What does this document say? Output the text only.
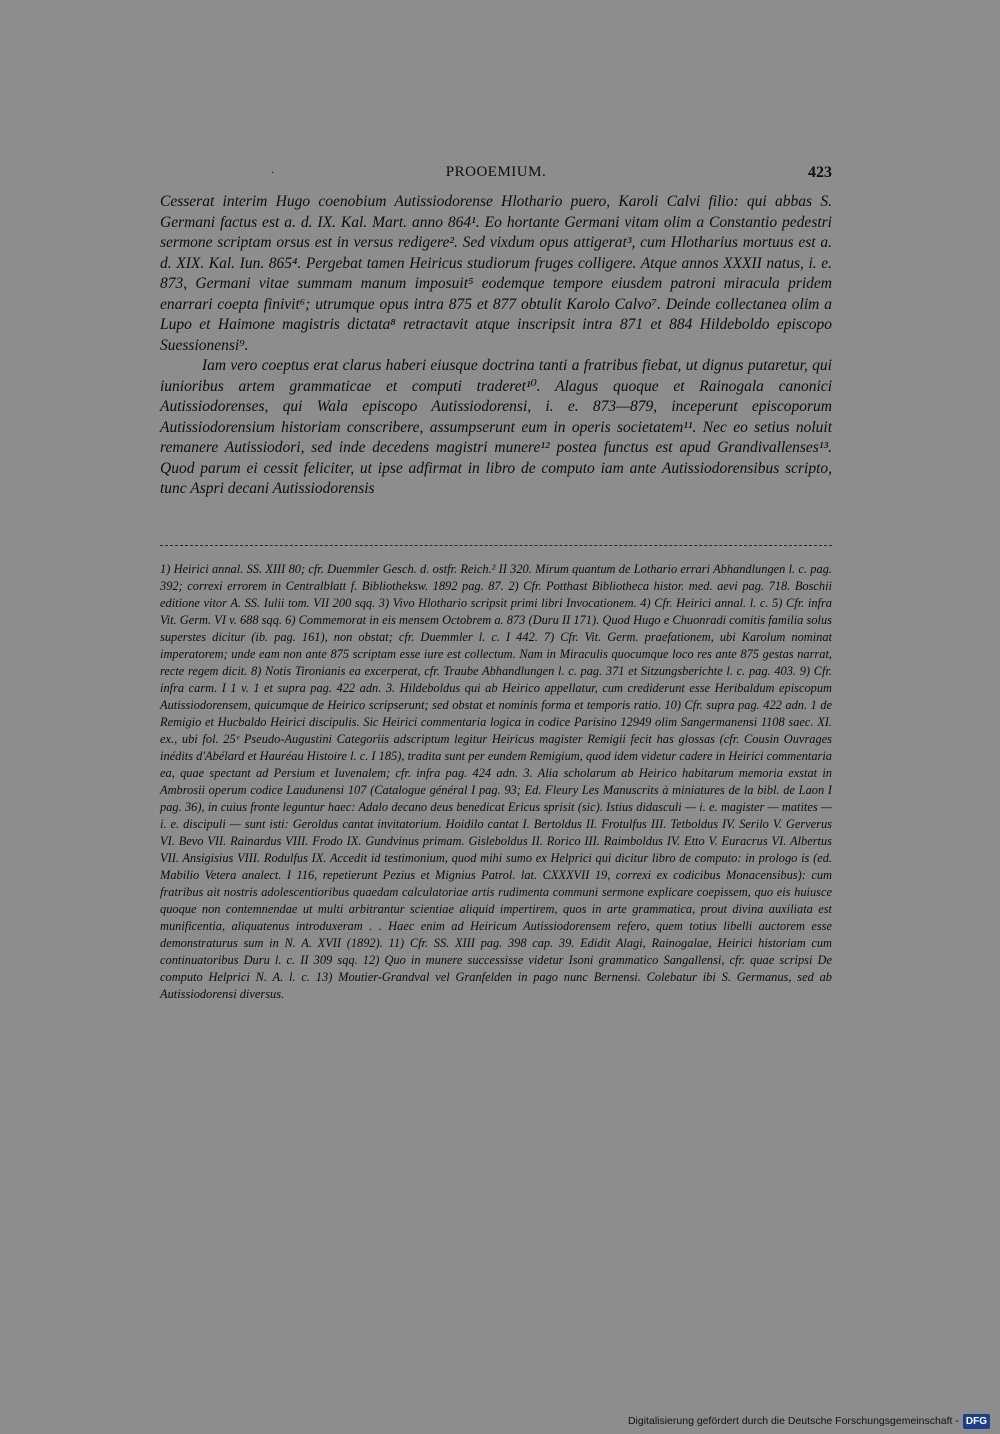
·	PROOEMIUM.	423

Cesserat interim Hugo coenobium Autissiodorense Hlothario puero, Karoli Calvi filio: qui abbas S. Germani factus est a. d. IX. Kal. Mart. anno 864¹. Eo hortante Germani vitam olim a Constantio pedestri sermone scriptam orsus est in versus redigere². Sed vixdum opus attigerat³, cum Hlotharius mortuus est a. d. XIX. Kal. Iun. 865⁴. Pergebat tamen Heiricus studiorum fruges colligere. Atque annos XXXII natus, i. e. 873, Germani vitae summam manum imposuit⁵ eodemque tempore eiusdem patroni miracula pridem enarrari coepta finivit⁶; utrumque opus intra 875 et 877 obtulit Karolo Calvo⁷. Deinde collectanea olim a Lupo et Haimone magistris dictata⁸ retractavit atque inscripsit intra 871 et 884 Hildeboldo episcopo Suessionensi⁹.

Iam vero coeptus erat clarus haberi eiusque doctrina tanti a fratribus fiebat, ut dignus putaretur, qui iunioribus artem grammaticae et computi traderet¹⁰. Alagus quoque et Rainogala canonici Autissiodorenses, qui Wala episcopo Autissiodorensi, i. e. 873—879, inceperunt episcoporum Autissiodorensium historiam conscribere, assumpserunt eum in operis societatem¹¹. Nec eo setius noluit remanere Autissiodori, sed inde decedens magistri munere¹² postea functus est apud Grandivallenses¹³. Quod parum ei cessit feliciter, ut ipse adfirmat in libro de computo iam ante Autissiodorensibus scripto, tunc Aspri decani Autissiodorensis

1) Heirici annal. SS. XIII 80; cfr. Duemmler Gesch. d. ostfr. Reich.² II 320. Mirum quantum de Lothario errari Abhandlungen l. c. pag. 392; correxi errorem in Centralblatt f. Bibliotheksw. 1892 pag. 87. 2) Cfr. Potthast Bibliotheca histor. med. aevi pag. 718. Boschii editione vitor A. SS. Iulii tom. VII 200 sqq. 3) Vivo Hlothario scripsit primi libri Invocationem. 4) Cfr. Heirici annal. l. c. 5) Cfr. infra Vit. Germ. VI v. 688 sqq. 6) Commemorat in eis mensem Octobrem a. 873 (Duru II 171). Quod Hugo e Chuonradi comitis familia solus superstes dicitur (ib. pag. 161), non obstat; cfr. Duemmler l. c. I 442. 7) Cfr. Vit. Germ. praefationem, ubi Karolum nominat imperatorem; unde eam non ante 875 scriptam esse iure est collectum. Nam in Miraculis quocumque loco res ante 875 gestas narrat, recte regem dicit. 8) Notis Tironianis ea excerperat, cfr. Traube Abhandlungen l. c. pag. 371 et Sitzungsberichte l. c. pag. 403. 9) Cfr. infra carm. I 1 v. 1 et supra pag. 422 adn. 3. Hildeboldus qui ab Heirico appellatur, cum crediderunt esse Heribaldum episcopum Autissiodorensem, quicumque de Heirico scripserunt; sed obstat et nominis forma et temporis ratio. 10) Cfr. supra pag. 422 adn. 1 de Remigio et Hucbaldo Heirici discipulis. Sic Heirici commentaria logica in codice Parisino 12949 olim Sangermanensi 1108 saec. XI. ex., ubi fol. 25ᵛ Pseudo-Augustini Categoriis adscriptum legitur Heiricus magister Remigii fecit has glossas (cfr. Cousin Ouvrages inédits d'Abélard et Hauréau Histoire l. c. I 185), tradita sunt per eundem Remigium, quod idem videtur cadere in Heirici commentaria ea, quae spectant ad Persium et Iuvenalem; cfr. infra pag. 424 adn. 3. Alia scholarum ab Heirico habitarum memoria exstat in Ambrosii operum codice Laudunensi 107 (Catalogue général I pag. 93; Ed. Fleury Les Manuscrits à miniatures de la bibl. de Laon I pag. 36), in cuius fronte leguntur haec: Adalo decano deus benedicat Ericus sprisit (sic). Istius didasculi — i. e. magister — matites — i. e. discipuli — sunt isti: Geroldus cantat invitatorium. Hoidilo cantat I. Bertoldus II. Frotulfus III. Tetboldus IV. Serilo V. Gerverus VI. Bevo VII. Rainardus VIII. Frodo IX. Gundvinus primam. Gisleboldus II. Rorico III. Raimboldus IV. Etto V. Euracrus VI. Albertus VII. Ansigisius VIII. Rodulfus IX. Accedit id testimonium, quod mihi sumo ex Helprici qui dicitur libro de computo: in prologo is (ed. Mabilio Vetera analect. I 116, repetierunt Pezius et Mignius Patrol. lat. CXXXVII 19, correxi ex codicibus Monacensibus): cum fratribus ait nostris adolescentioribus quaedam calculatoriae artis rudimenta communi sermone explicare coepissem, quo eis huiusce quoque non contemnendae ut multi arbitrantur scientiae aliquid impertirem, quos in arte grammatica, prout divina auxiliata est munificentia, aliquatenus introduxeram . . Haec enim ad Heiricum Autissiodorensem refero, quem totius libelli auctorem esse demonstraturus sum in N. A. XVII (1892). 11) Cfr. SS. XIII pag. 398 cap. 39. Edidit Alagi, Rainogalae, Heirici historiam cum continuatoribus Duru l. c. II 309 sqq. 12) Quo in munere successisse videtur Isoni grammatico Sangallensi, cfr. quae scripsi De computo Helprici N. A. l. c. 13) Moutier-Grandval vel Granfelden in pago nunc Bernensi. Colebatur ibi S. Germanus, sed ab Autissiodorensi diversus.

Digitalisierung gefördert durch die Deutsche Forschungsgemeinschaft - DFG
